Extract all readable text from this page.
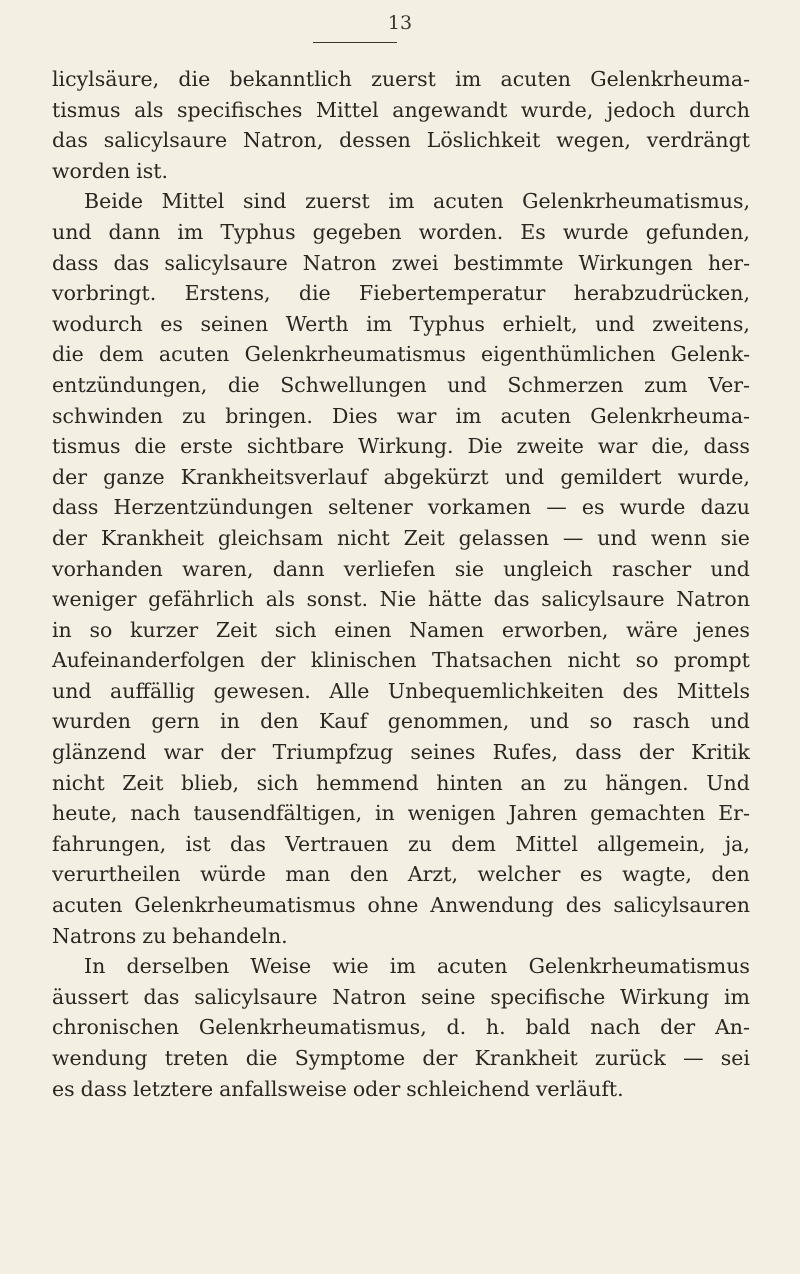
13
licylsäure, die bekanntlich zuerst im acuten Gelenkrheuma-
tismus als specifisches Mittel angewandt wurde, jedoch durch
das salicylsaure Natron, dessen Löslichkeit wegen, verdrängt
worden ist.
Beide Mittel sind zuerst im acuten Gelenkrheumatismus,
und dann im Typhus gegeben worden. Es wurde gefunden,
dass das salicylsaure Natron zwei bestimmte Wirkungen her-
vorbringt. Erstens, die Fiebertemperatur herabzudrücken,
wodurch es seinen Werth im Typhus erhielt, und zweitens,
die dem acuten Gelenkrheumatismus eigenthümlichen Gelenk-
entzündungen, die Schwellungen und Schmerzen zum Ver-
schwinden zu bringen. Dies war im acuten Gelenkrheuma-
tismus die erste sichtbare Wirkung. Die zweite war die, dass
der ganze Krankheitsverlauf abgekürzt und gemildert wurde,
dass Herzentzündungen seltener vorkamen — es wurde dazu
der Krankheit gleichsam nicht Zeit gelassen — und wenn sie
vorhanden waren, dann verliefen sie ungleich rascher und
weniger gefährlich als sonst. Nie hätte das salicylsaure Natron
in so kurzer Zeit sich einen Namen erworben, wäre jenes
Aufeinanderfolgen der klinischen Thatsachen nicht so prompt
und auffällig gewesen. Alle Unbequemlichkeiten des Mittels
wurden gern in den Kauf genommen, und so rasch und
glänzend war der Triumpfzug seines Rufes, dass der Kritik
nicht Zeit blieb, sich hemmend hinten an zu hängen. Und
heute, nach tausendfältigen, in wenigen Jahren gemachten Er-
fahrungen, ist das Vertrauen zu dem Mittel allgemein, ja,
verurtheilen würde man den Arzt, welcher es wagte, den
acuten Gelenkrheumatismus ohne Anwendung des salicylsauren
Natrons zu behandeln.
In derselben Weise wie im acuten Gelenkrheumatismus
äussert das salicylsaure Natron seine specifische Wirkung im
chronischen Gelenkrheumatismus, d. h. bald nach der An-
wendung treten die Symptome der Krankheit zurück — sei
es dass letztere anfallsweise oder schleichend verläuft.
